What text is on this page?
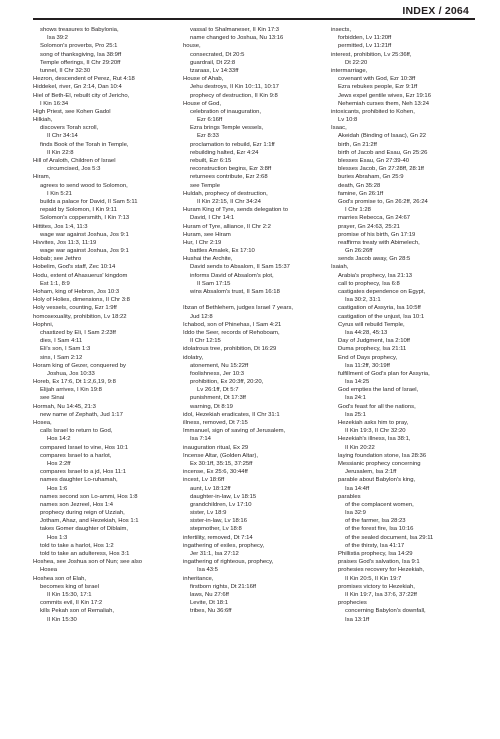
INDEX / 2064
shows treasures to Babylonia,
Isa 39:2
Solomon's proverbs, Pro 25:1
song of thanksgiving, Isa 38:9ff
Temple offerings, II Chr 29:20ff
tunnel, II Chr 32:30
Hezron, descendent of Perez, Rut 4:18
Hiddekel, river, Gn 2:14, Dan 10:4
Hiel of Beth-El, rebuilt city of Jericho,
I Kin 16:34
High Priest, see Kohen Gadol
Hilkiah,
discovers Torah scroll,
II Chr 34:14
finds Book of the Torah in Temple,
II Kin 22:8
Hill of Araloth, Children of Israel
circumcised, Jos 5:3
Hiram,
agrees to send wood to Solomon,
I Kin 5:21
builds a palace for David, II Sam 5:11
repaid by Solomon, I Kin 9:11
Solomon's coppersmith, I Kin 7:13
Hittites, Jos 1:4, 11:3
wage war against Joshua, Jos 9:1
Hivvites, Jos 11:3, 11:19
wage war against Joshua, Jos 9:1
Hobab; see Jethro
Hobelim, God's staff, Zec 10:14
Hodu, extent of Ahasuerus' kingdom
Est 1:1, 8:9
Hoham, king of Hebron, Jos 10:3
Holy of Holies, dimensions, II Chr 3:8
Holy vessels, counting, Ezr 1:9ff
homosexuality, prohibition, Lv 18:22
Hophni,
chastized by Eli, I Sam 2:23ff
dies, I Sam 4:11
Eli's son, I Sam 1:3
sins, I Sam 2:12
Horam king of Gezer, conquered by
Joshua, Jos 10:33
Horeb, Ex 17:6, Dt 1:2,6,19, 9:8
Elijah arrives, I Kin 19:8
see Sinai
Hormah, Nu 14:45, 21:3
new name of Zephath, Jud 1:17
Hosea,
calls Israel to return to God,
Hos 14:2
compared Israel to vine, Hos 10:1
compares Israel to a harlot,
Hos 2:2ff
compares Israel to a jd, Hos 11:1
names daughter Lo-ruhamah,
Hos 1:6
names second son Lo-ammi, Hos 1:8
names son Jezreel, Hos 1:4
prophecy during reign of Uzziah,
Jotham, Ahaz, and Hezekiah, Hos 1:1
takes Gomer daughter of Diblaim,
Hos 1:3
told to take a harlot, Hos 1:2
told to take an adulteress, Hos 3:1
Hoshea, see Joshua son of Nun; see also
Hosea
Hoshea son of Elah,
becomes king of Israel
II Kin 15:30, 17:1
commits evil, II Kin 17:2
kills Pekah son of Remaliah,
II Kin 15:30
vassal to Shalmaneser, II Kin 17:3
name changed to Joshua, Nu 13:16
house,
consecrated, Dt 20:5
guardrail, Dt 22:8
tzaraas, Lv 14:33ff
House of Ahab,
Jehu destroys, II Kin 10::11, 10:17
prophecy of destruction, II Kin 9:8
House of God,
celebration of inauguration,
Ezr 6:16ff
Ezra brings Temple vessels,
Ezr 8:33
proclamation to rebuild, Ezr 1:1ff
rebuilding halted, Ezr 4:24
rebuilt, Ezr 6:15
reconstruction begins, Ezr 3:8ff
returnees contribute, Ezr 2:68
see Temple
Huldah, prophecy of destruction,
II Kin 22:15, II Chr 34:24
Huram King of Tyre, sends delegation to
David, I Chr 14:1
Huram of Tyre, alliance, II Chr 2:2
Huram, see Hiram
Hur, I Chr 2:19
battles Amalek, Ex 17:10
Hushai the Archite,
David sends to Absalom, II Sam 15:37
informs David of Absalom's plot,
II Sam 17:15
wins Absalom's trust, II Sam 16:18
Ibzan of Bethlehem, judges Israel 7 years,
Jud 12:8
Ichabod, son of Phinehas, I Sam 4:21
Iddo the Seer, records of Rehoboam,
II Chr 12:15
idolatrous tree, prohibition, Dt 16:29
idolatry,
atonement, Nu 15:22ff
foolishness, Jer 10:3
prohibition, Ex 20:3ff, 20:20,
Lv 26:1ff, Dt 5:7
punishment, Dt 17:3ff
warning, Dt 8:19
idol, Hezekiah eradicates, II Chr 31:1
illness, removed, Dt 7:15
Immanuel, sign of saving of Jerusalem,
Isa 7:14
inauguration ritual, Ex 29
Incense Altar, (Golden Altar),
Ex 30:1ff, 35:15, 37:25ff
incense, Ex 25:6, 30:44ff
incest, Lv 18:6ff
aunt, Lv 18:12ff
daughter-in-law, Lv 18:15
grandchildren, Lv 17:10
sister, Lv 18:9
sister-in-law, Lv 18:16
stepmother, Lv 18:8
infertility, removed, Dt 7:14
ingathering of exiles, prophecy,
Jer 31:1, Isa 27:12
ingathering of righteous, prophecy,
Isa 43:5
inheritance,
firstborn rights, Dt 21:16ff
laws, Nu 27:6ff
Levite, Dt 18:1
tribes, Nu 36:6ff
insects,
forbidden, Lv 11:20ff
permitted, Lv 11:21ff
interest, prohibition, Lv 25:36ff,
Dt 22:20
intermarriage,
covenant with God, Ezr 10:3ff
Ezra rebukes people, Ezr 9:1ff
Jews expel gentile wives, Ezr 19:16
Nehemiah curses them, Neh 13:24
intoxicants, prohibited to Kohen,
Lv 10:8
Isaac,
Akeidah (Binding of Isaac), Gn 22
birth, Gn 21:2ff
birth of Jacob and Esau, Gn 25:26
blesses Esau, Gn 27:39-40
blesses Jacob, Gn 27:28ff, 28:1ff
buries Abraham, Gn 25:9
death, Gn 35:28
famine, Gn 26:1ff
God's promise to, Gn 26:2ff, 26:24
I Chr 1:28
marries Rebecca, Gn 24:67
prayer, Gn 24:63, 25:21
promise of his birth, Gn 17:19
reaffirms treaty with Abimelech,
Gn 26:26ff
sends Jacob away, Gn 28:5
Isaiah,
Arabia's prophecy, Isa 21:13
call to prophecy, Isa 6:8
castigates dependence on Egypt,
Isa 30:2, 31:1
castigation of Assyria, Isa 10:5ff
castigation of the unjust, Isa 10:1
Cyrus will rebuild Temple,
Isa 44:28, 45:13
Day of Judgment, Isa 2:10ff
Duma prophecy, Isa 21:11
End of Days prophecy,
Isa 11:2ff, 30:19ff
fulfillment of God's plan for Assyria,
Isa 14:25
God empties the land of Israel,
Isa 24:1
God's feast for all the nations,
Isa 25:1
Hezekiah asks him to pray,
II Kin 19:3, II Chr 32:20
Hezekiah's illness, Isa 38:1,
II Kin 20:22
laying foundation stone, Isa 28:36
Messianic prophecy concerning
Jerusalem, Isa 2:1ff
parable about Babylon's king,
Isa 14:4ff
parables
of the complacent women,
Isa 32:9
of the farmer, Isa 28:23
of the forest fire, Isa 10:16
of the sealed document, Isa 29:11
of the thirsty, Isa 41:17
Phillistia prophecy, Isa 14:29
praises God's salvation, Isa 9:1
prohesies recovery for Hezekiah,
II Kin 20:5, II Kin 19:7
promises victory to Hezekiah,
II Kin 19:7, Isa 37:6, 37:22ff
prophecies
concerning Babylon's downfall,
Isa 13:1ff
